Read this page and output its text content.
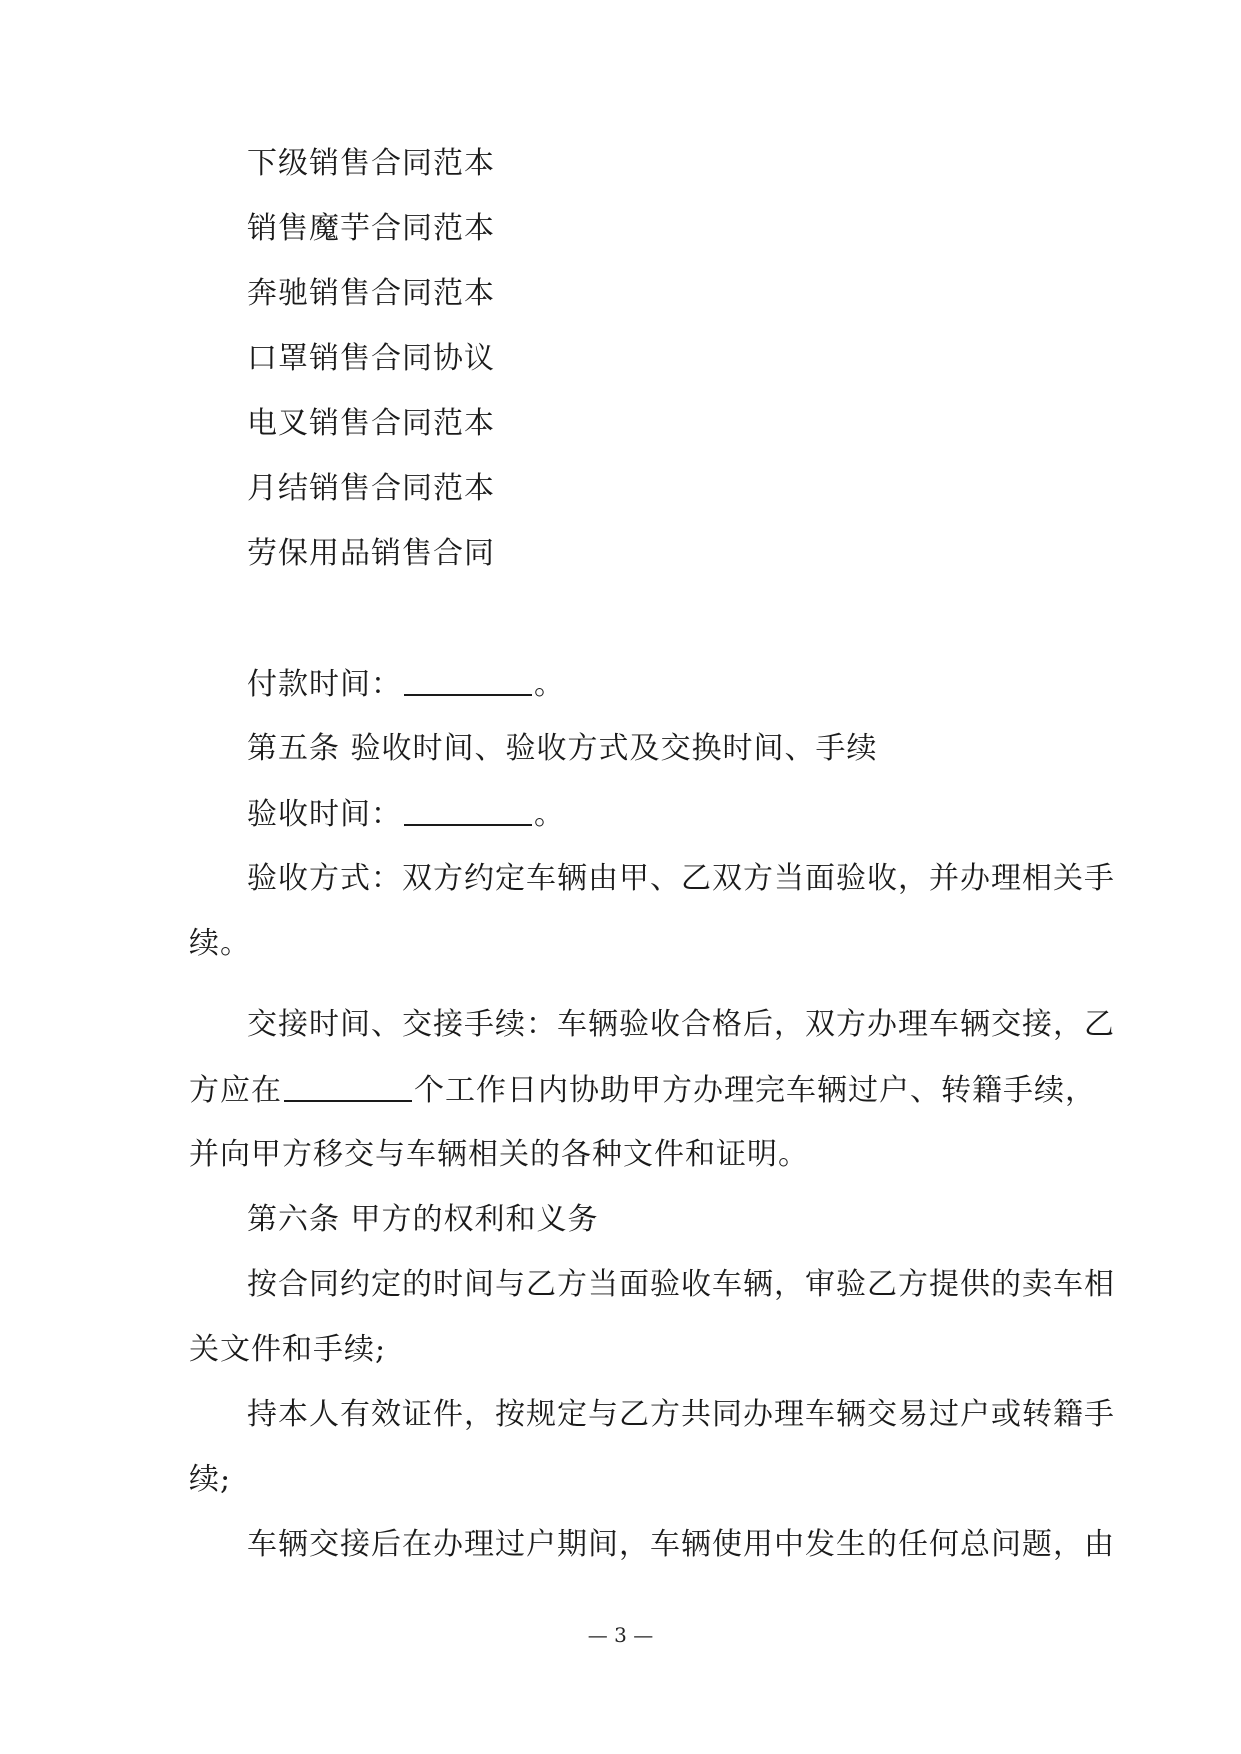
下级销售合同范本
销售魔芋合同范本
奔驰销售合同范本
口罩销售合同协议
电叉销售合同范本
月结销售合同范本
劳保用品销售合同
付款时间：	。
第五条 验收时间、验收方式及交换时间、手续
验收时间：	。
验收方式：双方约定车辆由甲、乙双方当面验收，并办理相关手
续。
交接时间、交接手续：车辆验收合格后，双方办理车辆交接，乙
方应在	个工作日内协助甲方办理完车辆过户、转籍手续，
并向甲方移交与车辆相关的各种文件和证明。
第六条 甲方的权利和义务
按合同约定的时间与乙方当面验收车辆，审验乙方提供的卖车相
关文件和手续;
持本人有效证件，按规定与乙方共同办理车辆交易过户或转籍手
续;
车辆交接后在办理过户期间，车辆使用中发生的任何总问题，由
— 3 —
